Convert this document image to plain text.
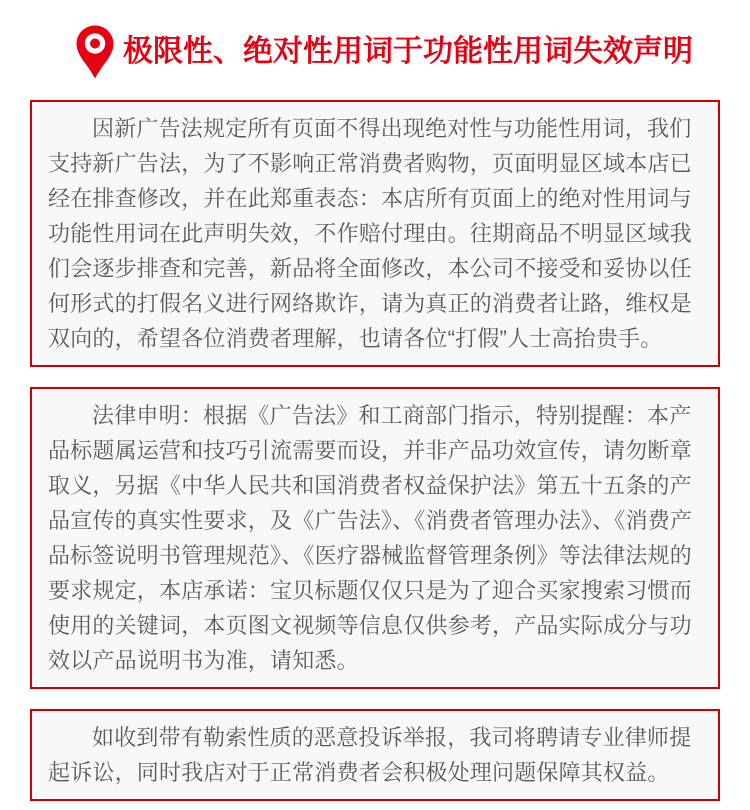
极限性、绝对性用词于功能性用词失效声明

因新广告法规定所有页面不得出现绝对性与功能性用词，我们支持新广告法，为了不影响正常消费者购物，页面明显区域本店已经在排查修改，并在此郑重表态：本店所有页面上的绝对性用词与功能性用词在此声明失效，不作赔付理由。往期商品不明显区域我们会逐步排查和完善，新品将全面修改，本公司不接受和妥协以任何形式的打假名义进行网络欺诈，请为真正的消费者让路，维权是双向的，希望各位消费者理解，也请各位“打假”人士高抬贵手。

法律申明：根据《广告法》和工商部门指示，特别提醒：本产品标题属运营和技巧引流需要而设，并非产品功效宣传，请勿断章取义，另据《中华人民共和国消费者权益保护法》第五十五条的产品宣传的真实性要求，及《广告法》、《消费者管理办法》、《消费产品标签说明书管理规范》、《医疗器械监督管理条例》等法律法规的要求规定，本店承诺：宝贝标题仅仅只是为了迎合买家搜索习惯而使用的关键词，本页图文视频等信息仅供参考，产品实际成分与功效以产品说明书为准，请知悉。

如收到带有勒索性质的恶意投诉举报，我司将聘请专业律师提起诉讼，同时我店对于正常消费者会积极处理问题保障其权益。
